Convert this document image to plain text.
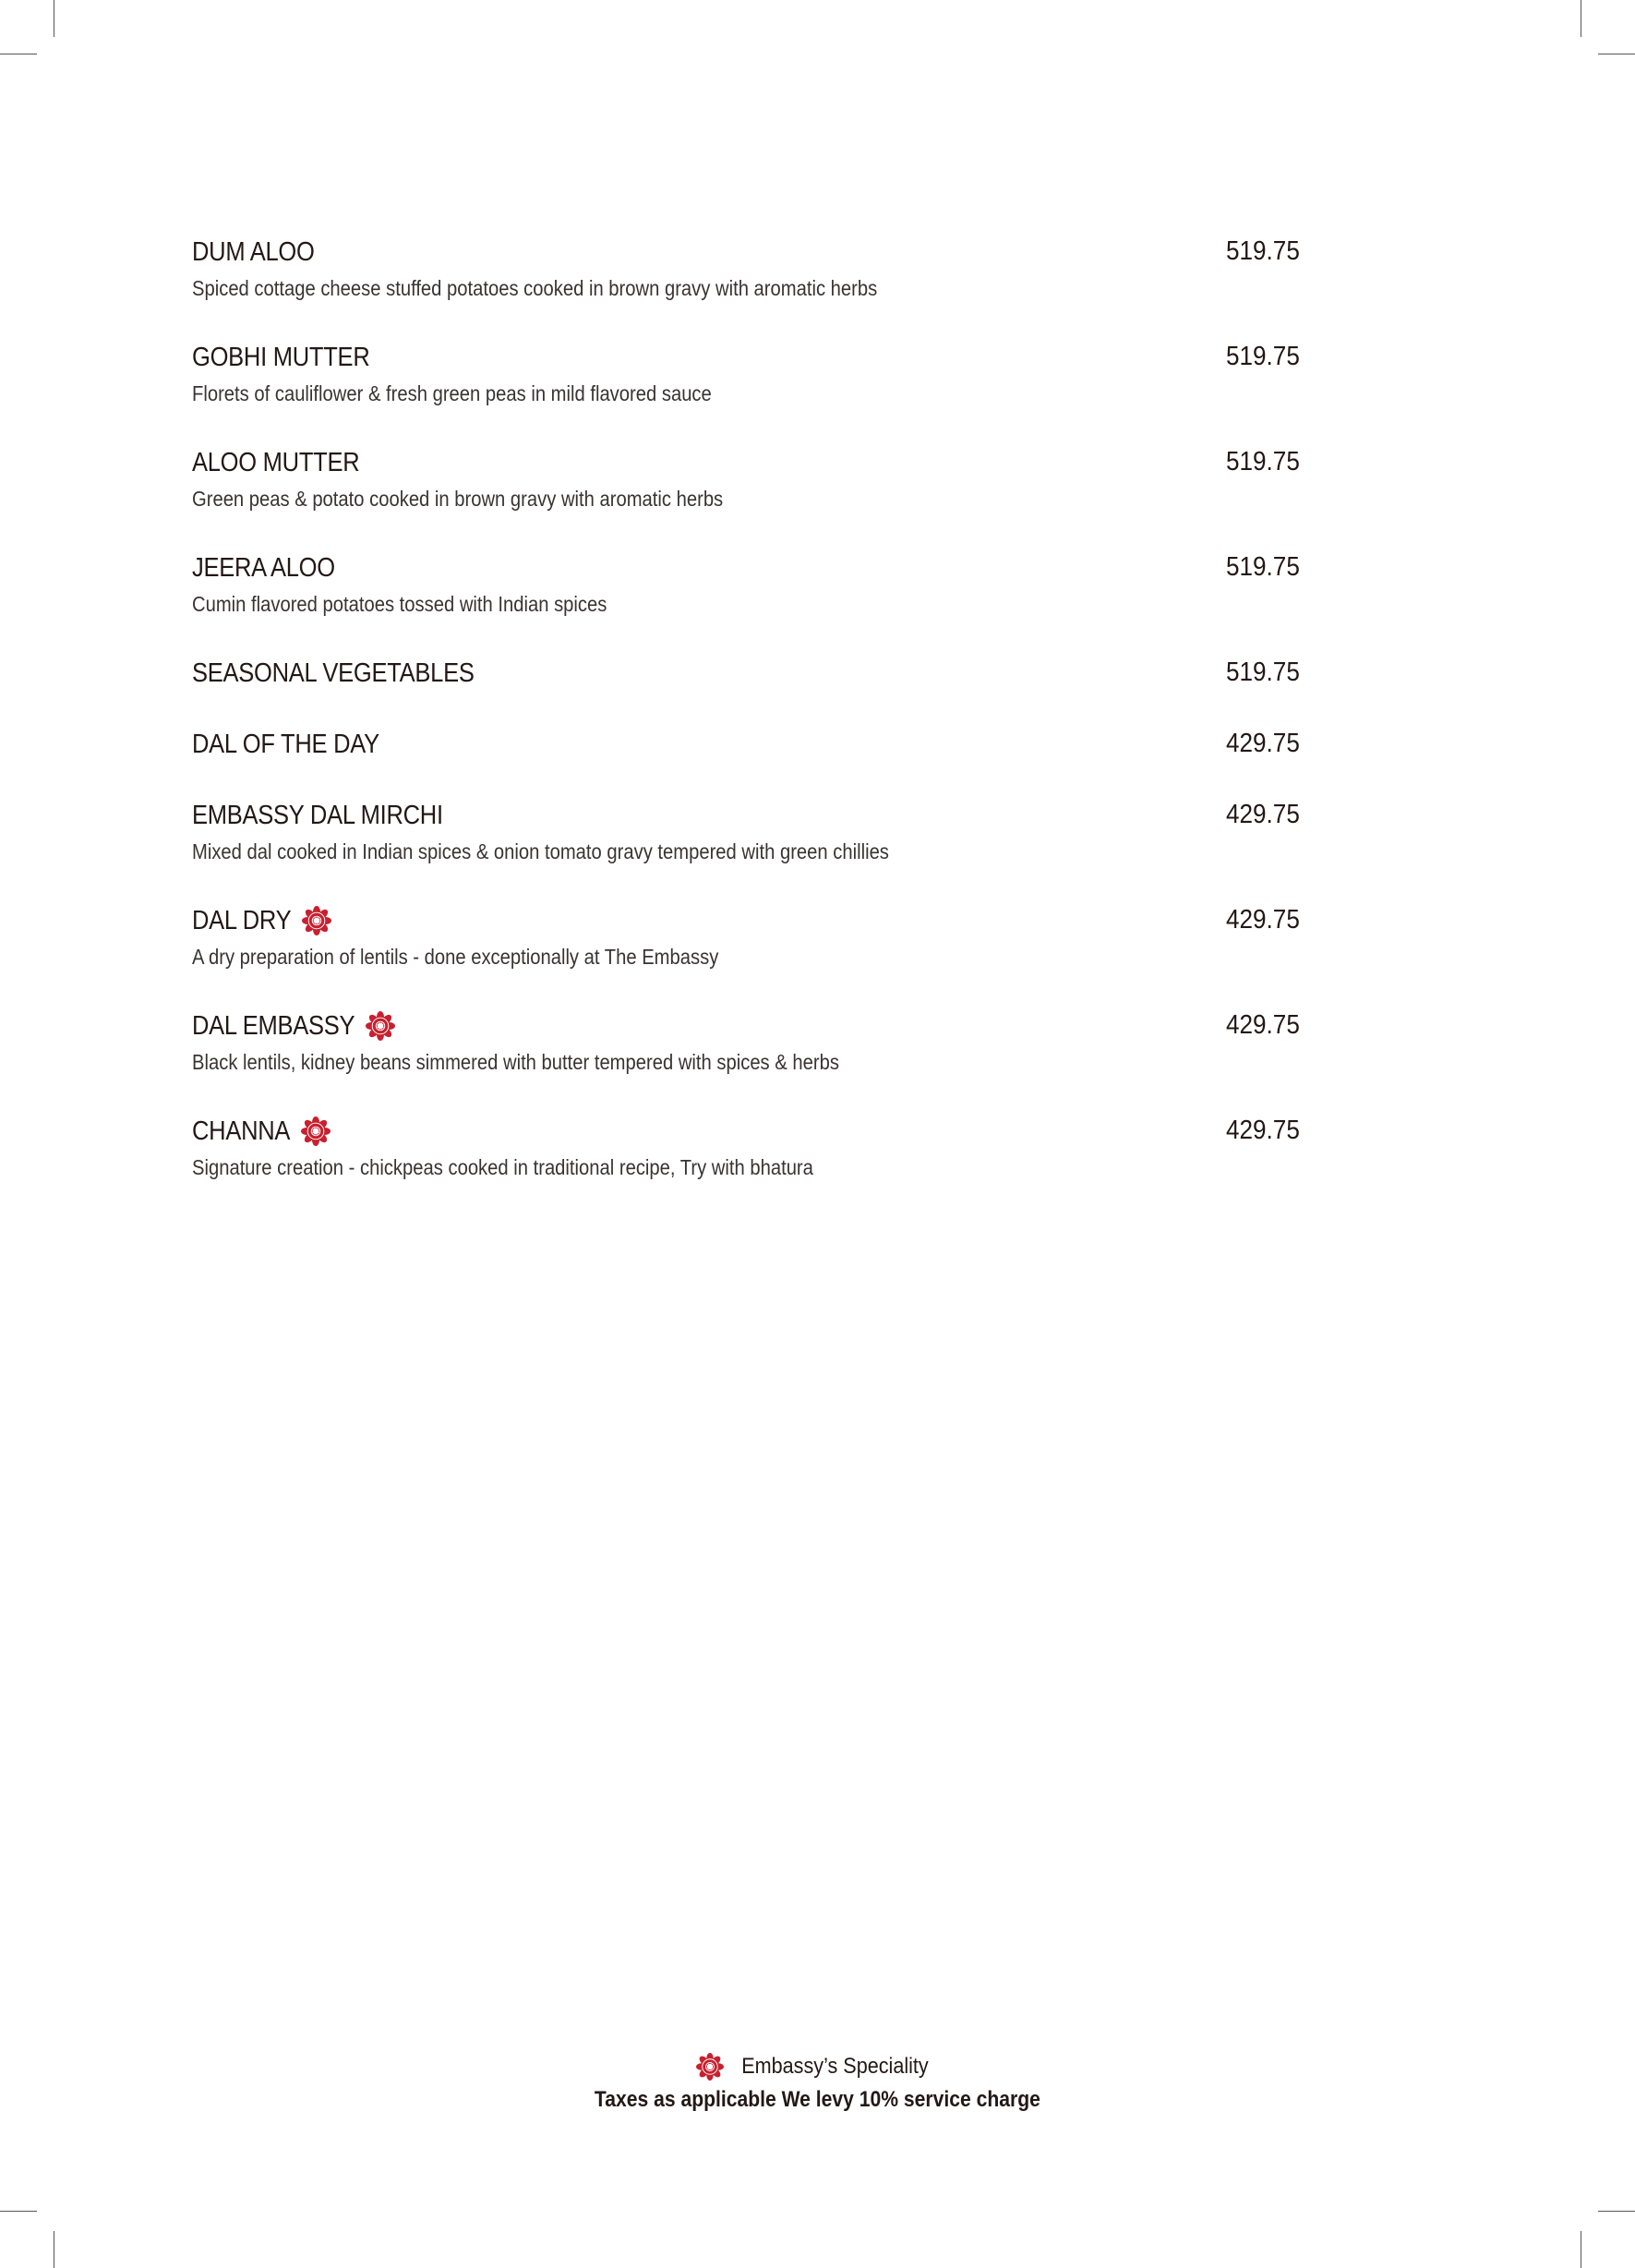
DUM ALOO	519.75
Spiced cottage cheese stuffed potatoes cooked in brown gravy with aromatic herbs
GOBHI MUTTER	519.75
Florets of cauliflower & fresh green peas in mild flavored sauce
ALOO MUTTER	519.75
Green peas & potato cooked in brown gravy with aromatic herbs
JEERA ALOO	519.75
Cumin flavored potatoes tossed with Indian spices
SEASONAL VEGETABLES	519.75
DAL OF THE DAY	429.75
EMBASSY DAL MIRCHI	429.75
Mixed dal cooked in Indian spices & onion tomato gravy tempered with green chillies
DAL DRY	429.75
A dry preparation of lentils - done exceptionally at The Embassy
DAL EMBASSY	429.75
Black lentils, kidney beans simmered with butter tempered with spices & herbs
CHANNA	429.75
Signature creation - chickpeas cooked in traditional recipe, Try with bhatura
Embassy’s Speciality
Taxes as applicable We levy 10% service charge
